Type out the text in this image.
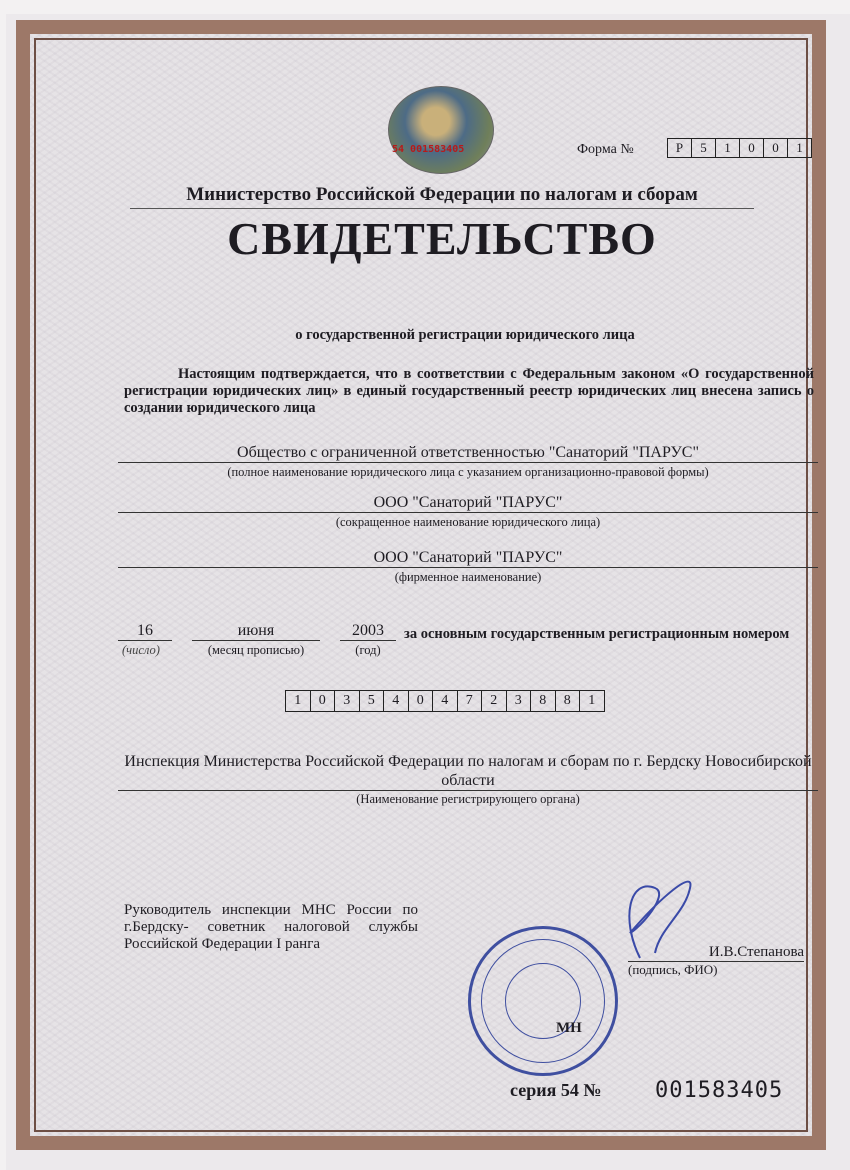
54 001583405	Форма №	Р	5	1	0	0	1
Министерство Российской Федерации по налогам и сборам
СВИДЕТЕЛЬСТВО
о государственной регистрации юридического лица
Настоящим подтверждается, что в соответствии с Федеральным законом «О государственной регистрации юридических лиц» в единый государственный реестр юридических лиц внесена запись о создании юридического лица
Общество с ограниченной ответственностью "Санаторий "ПАРУС"
(полное наименование юридического лица с указанием организационно-правовой формы)
ООО "Санаторий "ПАРУС"
(сокращенное наименование юридического лица)
ООО "Санаторий "ПАРУС"
(фирменное наименование)
16
(число)
июня
(месяц прописью)
2003
(год)
за основным государственным регистрационным номером
1	0	3	5	4	0	4	7	2	3	8	8	1
Инспекция Министерства Российской Федерации по налогам и сборам по г. Бердску Новосибирской области
(Наименование регистрирующего органа)
Руководитель инспекции МНС России по г.Бердску- советник налоговой службы Российской Федерации I ранга
МН
И.В.Степанова
(подпись, ФИО)
серия 54 № 001583405
